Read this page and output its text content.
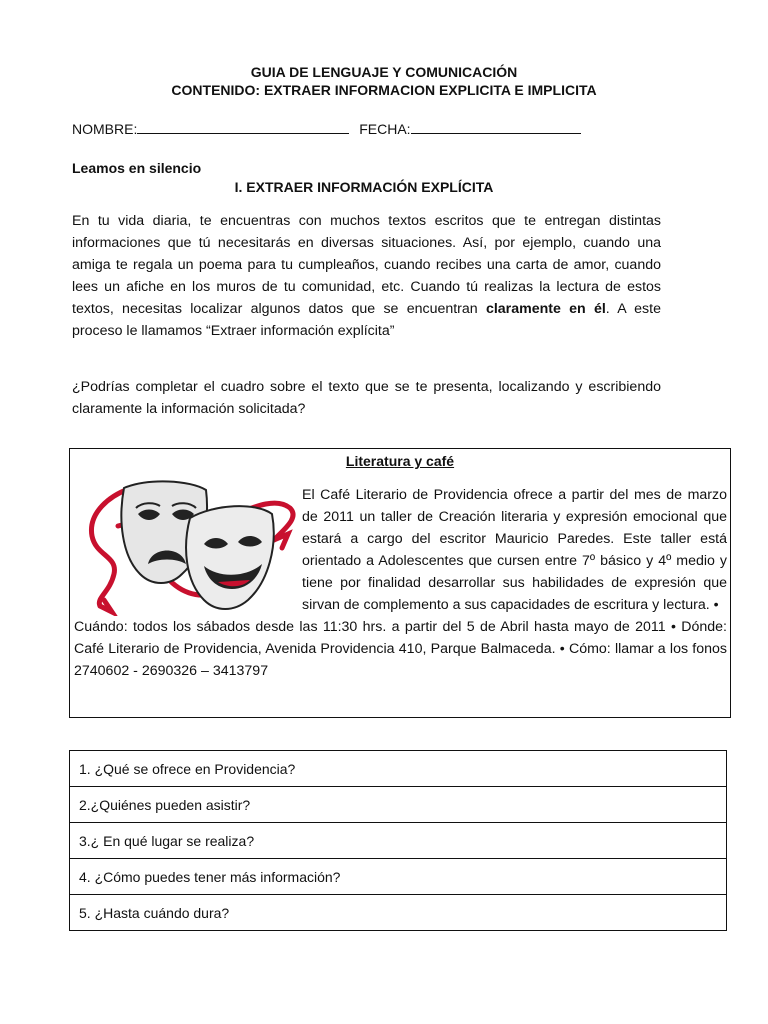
GUIA DE LENGUAJE Y COMUNICACIÓN
CONTENIDO: EXTRAER INFORMACION EXPLICITA E IMPLICITA
NOMBRE:	FECHA:
Leamos en silencio
I. EXTRAER INFORMACIÓN EXPLÍCITA

En tu vida diaria, te encuentras con muchos textos escritos que te entregan distintas informaciones que tú necesitarás en diversas situaciones. Así, por ejemplo, cuando una amiga te regala un poema para tu cumpleaños, cuando recibes una carta de amor, cuando lees un afiche en los muros de tu comunidad, etc. Cuando tú realizas la lectura de estos textos, necesitas localizar algunos datos que se encuentran claramente en él. A este proceso le llamamos “Extraer información explícita”

¿Podrías completar el cuadro sobre el texto que se te presenta, localizando y escribiendo claramente la información solicitada?

Literatura y café
El Café Literario de Providencia ofrece a partir del mes de marzo de 2011 un taller de Creación literaria y expresión emocional que estará a cargo del escritor Mauricio Paredes. Este taller está orientado a Adolescentes que cursen entre 7º básico y 4º medio y tiene por finalidad desarrollar sus habilidades de expresión que sirvan de complemento a sus capacidades de escritura y lectura. •
Cuándo: todos los sábados desde las 11:30 hrs. a partir del 5 de Abril hasta mayo de 2011 • Dónde: Café Literario de Providencia, Avenida Providencia 410, Parque Balmaceda. • Cómo: llamar a los fonos 2740602 - 2690326 – 3413797
1. ¿Qué se ofrece en Providencia?
2.¿Quiénes pueden asistir?
3.¿ En qué lugar se realiza?
4. ¿Cómo puedes tener más información?
5. ¿Hasta cuándo dura?
